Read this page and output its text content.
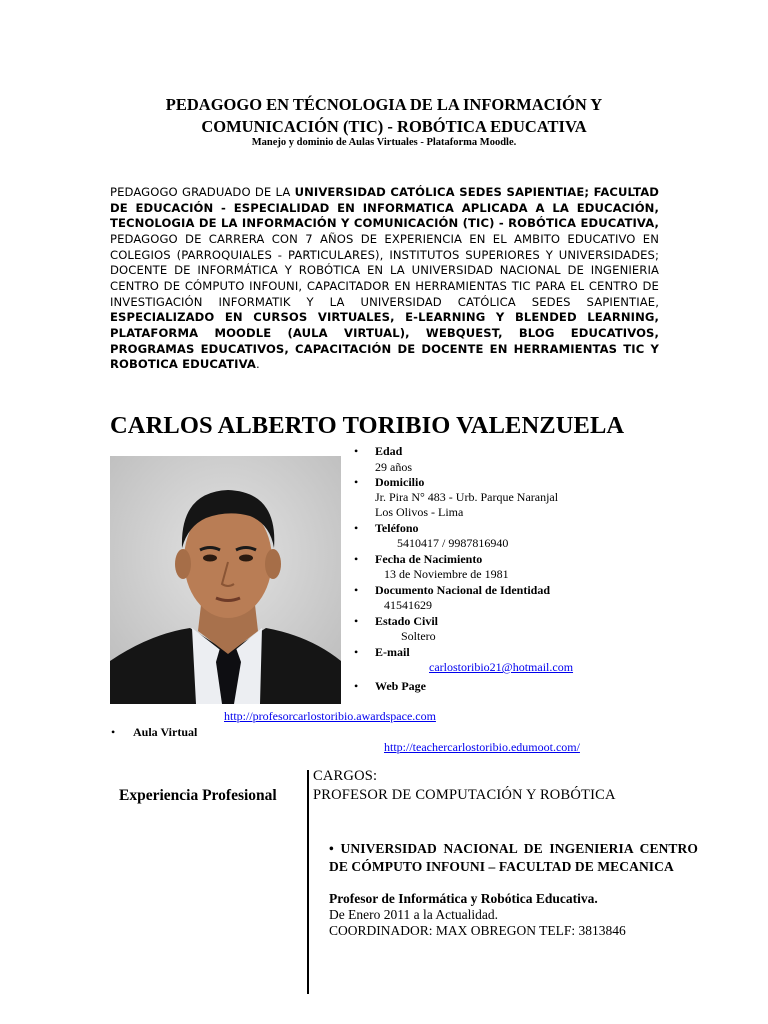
PEDAGOGO EN TÉCNOLOGIA DE LA INFORMACIÓN Y
COMUNICACIÓN (TIC) - ROBÓTICA EDUCATIVA
Manejo y dominio de Aulas Virtuales - Plataforma Moodle.
PEDAGOGO GRADUADO DE LA UNIVERSIDAD CATÓLICA SEDES SAPIENTIAE; FACULTAD DE EDUCACIÓN - ESPECIALIDAD EN INFORMATICA APLICADA A LA EDUCACIÓN, TECNOLOGIA DE LA INFORMACIÓN Y COMUNICACIÓN (TIC) - ROBÓTICA EDUCATIVA, PEDAGOGO DE CARRERA CON 7 AÑOS DE EXPERIENCIA EN EL AMBITO EDUCATIVO EN COLEGIOS (PARROQUIALES - PARTICULARES), INSTITUTOS SUPERIORES Y UNIVERSIDADES; DOCENTE DE INFORMÁTICA Y ROBÓTICA EN LA UNIVERSIDAD NACIONAL DE INGENIERIA CENTRO DE CÓMPUTO INFOUNI, CAPACITADOR EN HERRAMIENTAS TIC PARA EL CENTRO DE INVESTIGACIÓN INFORMATIK Y LA UNIVERSIDAD CATÓLICA SEDES SAPIENTIAE, ESPECIALIZADO EN CURSOS VIRTUALES, E-LEARNING Y BLENDED LEARNING, PLATAFORMA MOODLE (AULA VIRTUAL), WEBQUEST, BLOG EDUCATIVOS, PROGRAMAS EDUCATIVOS, CAPACITACIÓN DE DOCENTE EN HERRAMIENTAS TIC Y ROBOTICA EDUCATIVA.
CARLOS ALBERTO TORIBIO VALENZUELA
• Edad
29 años
• Domicilio
Jr. Pira N° 483 - Urb. Parque Naranjal
Los Olivos - Lima
• Teléfono
5410417 / 9987816940
• Fecha de Nacimiento
13 de Noviembre de 1981
• Documento Nacional de Identidad
41541629
• Estado Civil
Soltero
• E-mail
carlostoribio21@hotmail.com
• Web Page
http://profesorcarlostoribio.awardspace.com
• Aula Virtual
http://teachercarlostoribio.edumoot.com/
Experiencia Profesional
CARGOS:
PROFESOR DE COMPUTACIÓN Y ROBÓTICA
• UNIVERSIDAD NACIONAL DE INGENIERIA CENTRO DE CÓMPUTO INFOUNI – FACULTAD DE MECANICA
Profesor de Informática y Robótica Educativa.
De Enero 2011 a la Actualidad.
COORDINADOR: MAX OBREGON TELF: 3813846
